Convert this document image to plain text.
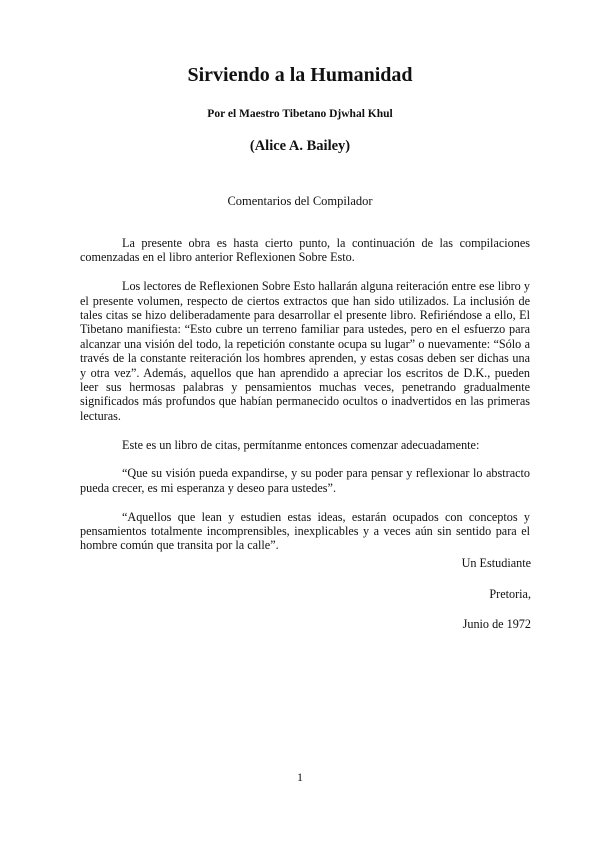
Sirviendo a la Humanidad
Por el Maestro Tibetano Djwhal Khul
(Alice A. Bailey)
Comentarios del Compilador

La presente obra es hasta cierto punto, la continuación de las compilaciones comenzadas en el libro anterior Reflexionen Sobre Esto.

Los lectores de Reflexionen Sobre Esto hallarán alguna reiteración entre ese libro y el presente volumen, respecto de ciertos extractos que han sido utilizados. La inclusión de tales citas se hizo deliberadamente para desarrollar el presente libro. Refiriéndose a ello, El Tibetano manifiesta: “Esto cubre un terreno familiar para ustedes, pero en el esfuerzo para alcanzar una visión del todo, la repetición constante ocupa su lugar” o nuevamente: “Sólo a través de la constante reiteración los hombres aprenden, y estas cosas deben ser dichas una y otra vez”. Además, aquellos que han aprendido a apreciar los escritos de D.K., pueden leer sus hermosas palabras y pensamientos muchas veces, penetrando gradualmente significados más profundos que habían permanecido ocultos o inadvertidos en las primeras lecturas.

Este es un libro de citas, permítanme entonces comenzar adecuadamente:

“Que su visión pueda expandirse, y su poder para pensar y reflexionar lo abstracto pueda crecer, es mi esperanza y deseo para ustedes”.

“Aquellos que lean y estudien estas ideas, estarán ocupados con conceptos y pensamientos totalmente incomprensibles, inexplicables y a veces aún sin sentido para el hombre común que transita por la calle”.

Un Estudiante
Pretoria,
Junio de 1972
1
